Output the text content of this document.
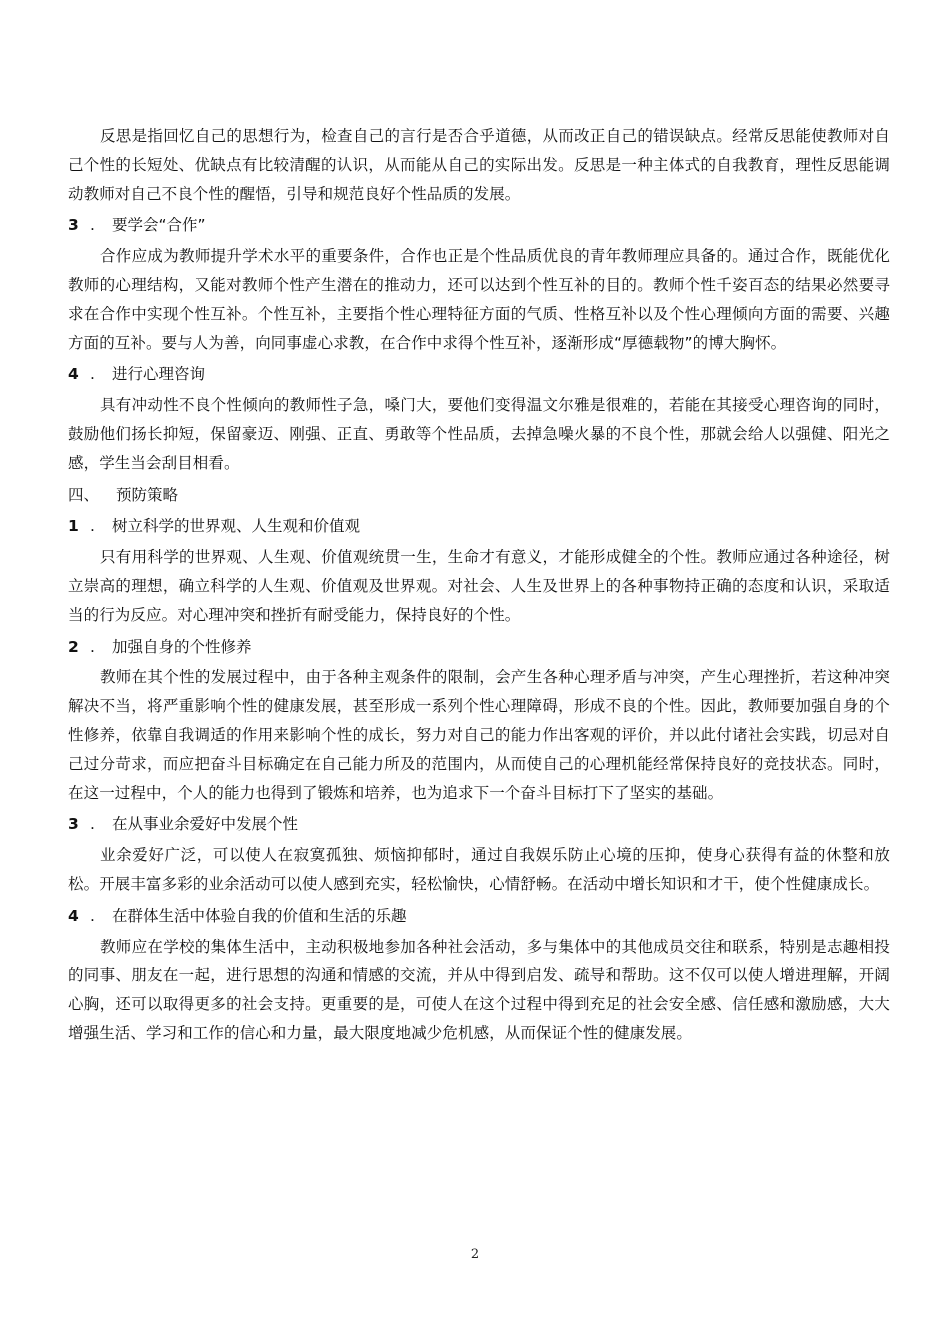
反思是指回忆自己的思想行为，检查自己的言行是否合乎道德，从而改正自己的错误缺点。经常反思能使教师对自己个性的长短处、优缺点有比较清醒的认识，从而能从自己的实际出发。反思是一种主体式的自我教育，理性反思能调动教师对自己不良个性的醒悟，引导和规范良好个性品质的发展。

3 .	要学会“合作”

合作应成为教师提升学术水平的重要条件，合作也正是个性品质优良的青年教师理应具备的。通过合作，既能优化教师的心理结构，又能对教师个性产生潜在的推动力，还可以达到个性互补的目的。教师个性千姿百态的结果必然要寻求在合作中实现个性互补。个性互补，主要指个性心理特征方面的气质、性格互补以及个性心理倾向方面的需要、兴趣方面的互补。要与人为善，向同事虚心求教，在合作中求得个性互补，逐渐形成“厚德载物”的博大胸怀。

4 .	进行心理咨询

具有冲动性不良个性倾向的教师性子急，嗓门大，要他们变得温文尔雅是很难的，若能在其接受心理咨询的同时，鼓励他们扬长抑短，保留豪迈、刚强、正直、勇敢等个性品质，去掉急噪火暴的不良个性，那就会给人以强健、阳光之感，学生当会刮目相看。

四、	预防策略
1 .	树立科学的世界观、人生观和价值观

只有用科学的世界观、人生观、价值观统贯一生，生命才有意义，才能形成健全的个性。教师应通过各种途径，树立崇高的理想，确立科学的人生观、价值观及世界观。对社会、人生及世界上的各种事物持正确的态度和认识，采取适当的行为反应。对心理冲突和挫折有耐受能力，保持良好的个性。

2 .	加强自身的个性修养

教师在其个性的发展过程中，由于各种主观条件的限制，会产生各种心理矛盾与冲突，产生心理挫折，若这种冲突解决不当，将严重影响个性的健康发展，甚至形成一系列个性心理障碍，形成不良的个性。因此，教师要加强自身的个性修养，依靠自我调适的作用来影响个性的成长，努力对自己的能力作出客观的评价，并以此付诸社会实践，切忌对自己过分苛求，而应把奋斗目标确定在自己能力所及的范围内，从而使自己的心理机能经常保持良好的竞技状态。同时，在这一过程中，个人的能力也得到了锻炼和培养，也为追求下一个奋斗目标打下了坚实的基础。

3 .	在从事业余爱好中发展个性

业余爱好广泛，可以使人在寂寞孤独、烦恼抑郁时，通过自我娱乐防止心境的压抑，使身心获得有益的休整和放松。开展丰富多彩的业余活动可以使人感到充实，轻松愉快，心情舒畅。在活动中增长知识和才干，使个性健康成长。

4 .	在群体生活中体验自我的价值和生活的乐趣

教师应在学校的集体生活中，主动积极地参加各种社会活动，多与集体中的其他成员交往和联系，特别是志趣相投的同事、朋友在一起，进行思想的沟通和情感的交流，并从中得到启发、疏导和帮助。这不仅可以使人增进理解，开阔心胸，还可以取得更多的社会支持。更重要的是，可使人在这个过程中得到充足的社会安全感、信任感和激励感，大大增强生活、学习和工作的信心和力量，最大限度地减少危机感，从而保证个性的健康发展。

2
